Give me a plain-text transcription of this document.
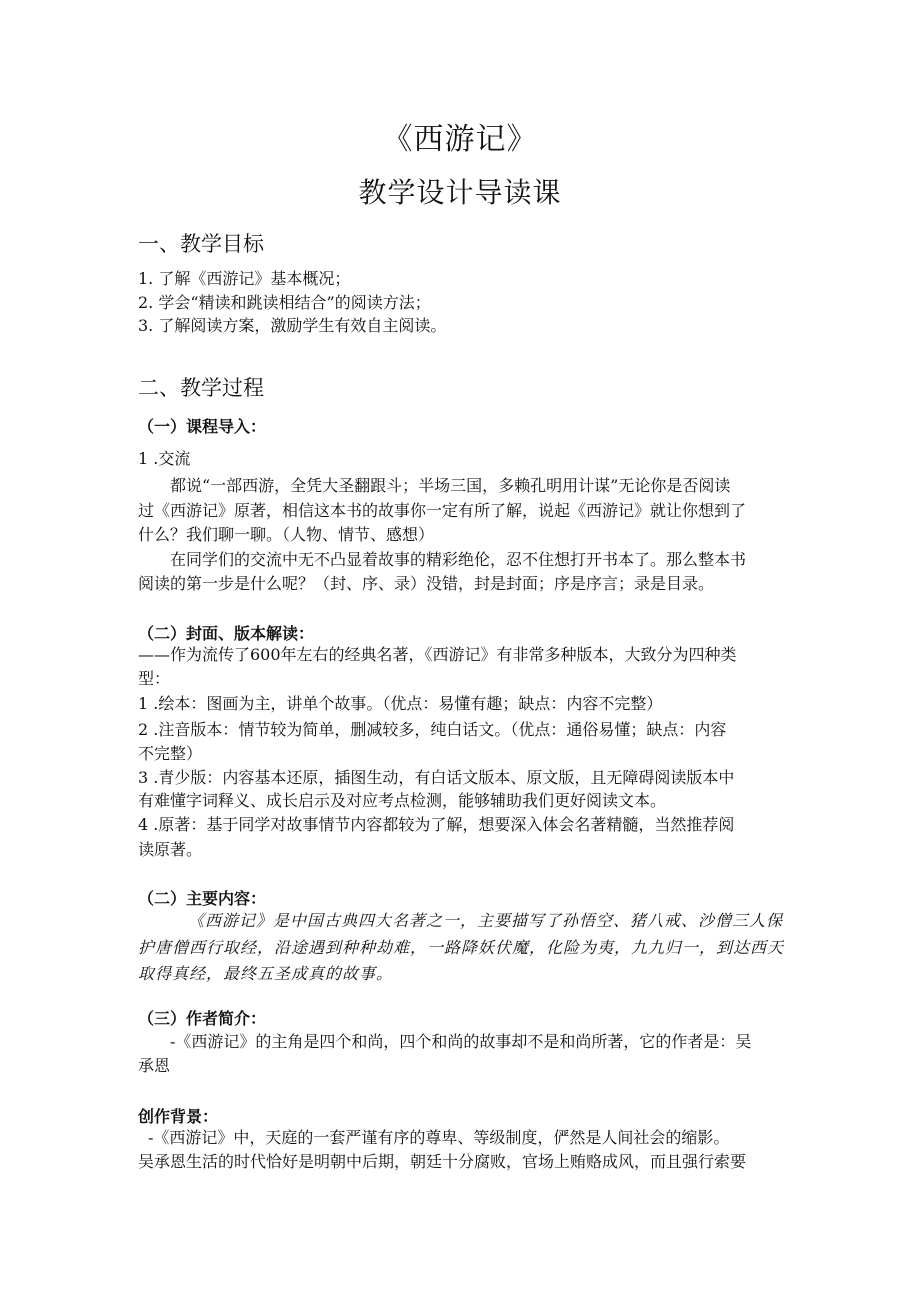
《西游记》
教学设计导读课
一、教学目标
1. 了解《西游记》基本概况；
2. 学会“精读和跳读相结合”的阅读方法；
3. 了解阅读方案，激励学生有效自主阅读。
二、教学过程
（一）课程导入：
1 .交流
都说“一部西游，全凭大圣翻跟斗；半场三国，多赖孔明用计谋”无论你是否阅读
过《西游记》原著，相信这本书的故事你一定有所了解，说起《西游记》就让你想到了
什么？我们聊一聊。（人物、情节、感想）
在同学们的交流中无不凸显着故事的精彩绝伦，忍不住想打开书本了。那么整本书
阅读的第一步是什么呢？（封、序、录）没错，封是封面；序是序言；录是目录。
（二）封面、版本解读：
——作为流传了600年左右的经典名著，《西游记》有非常多种版本，大致分为四种类
型：
1 .绘本：图画为主，讲单个故事。（优点：易懂有趣；缺点：内容不完整）
2 .注音版本：情节较为简单，删减较多，纯白话文。（优点：通俗易懂；缺点：内容
不完整）
3 .青少版：内容基本还原，插图生动，有白话文版本、原文版，且无障碍阅读版本中
有难懂字词释义、成长启示及对应考点检测，能够辅助我们更好阅读文本。
4 .原著：基于同学对故事情节内容都较为了解，想要深入体会名著精髓，当然推荐阅
读原著。
（二）主要内容：
《西游记》是中国古典四大名著之一，主要描写了孙悟空、猪八戒、沙僧三人保
护唐僧西行取经，沿途遇到种种劫难，一路降妖伏魔，化险为夷，九九归一，到达西天
取得真经，最终五圣成真的故事。
（三）作者简介：
-《西游记》的主角是四个和尚，四个和尚的故事却不是和尚所著，它的作者是：吴
承恩
创作背景：
-《西游记》中，天庭的一套严谨有序的尊卑、等级制度，俨然是人间社会的缩影。
吴承恩生活的时代恰好是明朝中后期，朝廷十分腐败，官场上贿赂成风，而且强行索要
